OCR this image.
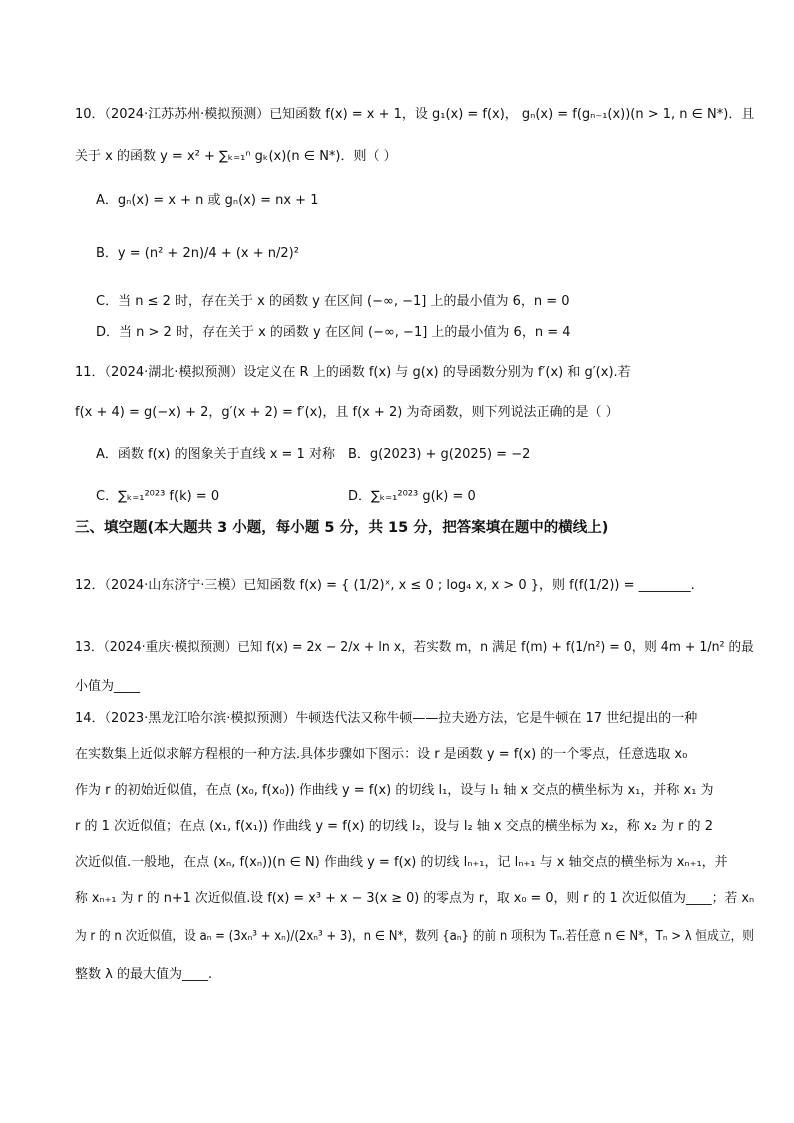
10．（2024·江苏苏州·模拟预测）已知函数 f(x) = x + 1，设 g₁(x) = f(x)， gₙ(x) = f(gₙ₋₁(x))(n > 1, n ∈ N*)．且
关于 x 的函数 y = x² + ∑ₖ₌₁ⁿ gₖ(x)(n ∈ N*)．则（ ）
A．gₙ(x) = x + n 或 gₙ(x) = nx + 1
B．y = (n² + 2n)/4 + (x + n/2)²
C．当 n ≤ 2 时，存在关于 x 的函数 y 在区间 (−∞, −1] 上的最小值为 6，n = 0
D．当 n > 2 时，存在关于 x 的函数 y 在区间 (−∞, −1] 上的最小值为 6，n = 4
11．（2024·湖北·模拟预测）设定义在 R 上的函数 f(x) 与 g(x) 的导函数分别为 f′(x) 和 g′(x).若
f(x + 4) = g(−x) + 2，g′(x + 2) = f′(x)，且 f(x + 2) 为奇函数，则下列说法正确的是（ ）
A．函数 f(x) 的图象关于直线 x = 1 对称 B．g(2023) + g(2025) = −2
C．∑ₖ₌₁²⁰²³ f(k) = 0	D．∑ₖ₌₁²⁰²³ g(k) = 0
三、填空题(本大题共 3 小题，每小题 5 分，共 15 分，把答案填在题中的横线上)
12．（2024·山东济宁·三模）已知函数 f(x) = { (1/2)ˣ, x ≤ 0 ; log₄ x, x > 0 }，则 f(f(1/2)) = ________.
13．（2024·重庆·模拟预测）已知 f(x) = 2x − 2/x + ln x，若实数 m，n 满足 f(m) + f(1/n²) = 0，则 4m + 1/n² 的最
小值为____
14．（2023·黑龙江哈尔滨·模拟预测）牛顿迭代法又称牛顿——拉夫逊方法，它是牛顿在 17 世纪提出的一种
在实数集上近似求解方程根的一种方法.具体步骤如下图示：设 r 是函数 y = f(x) 的一个零点，任意选取 x₀
作为 r 的初始近似值，在点 (x₀, f(x₀)) 作曲线 y = f(x) 的切线 l₁，设与 l₁ 轴 x 交点的横坐标为 x₁，并称 x₁ 为
r 的 1 次近似值；在点 (x₁, f(x₁)) 作曲线 y = f(x) 的切线 l₂，设与 l₂ 轴 x 交点的横坐标为 x₂，称 x₂ 为 r 的 2
次近似值.一般地，在点 (xₙ, f(xₙ))(n ∈ N) 作曲线 y = f(x) 的切线 lₙ₊₁，记 lₙ₊₁ 与 x 轴交点的横坐标为 xₙ₊₁，并
称 xₙ₊₁ 为 r 的 n+1 次近似值.设 f(x) = x³ + x − 3(x ≥ 0) 的零点为 r，取 x₀ = 0，则 r 的 1 次近似值为____；若 xₙ
为 r 的 n 次近似值，设 aₙ = (3xₙ³ + xₙ)/(2xₙ³ + 3)，n ∈ N*，数列 {aₙ} 的前 n 项积为 Tₙ.若任意 n ∈ N*，Tₙ > λ 恒成立，则
整数 λ 的最大值为____.
